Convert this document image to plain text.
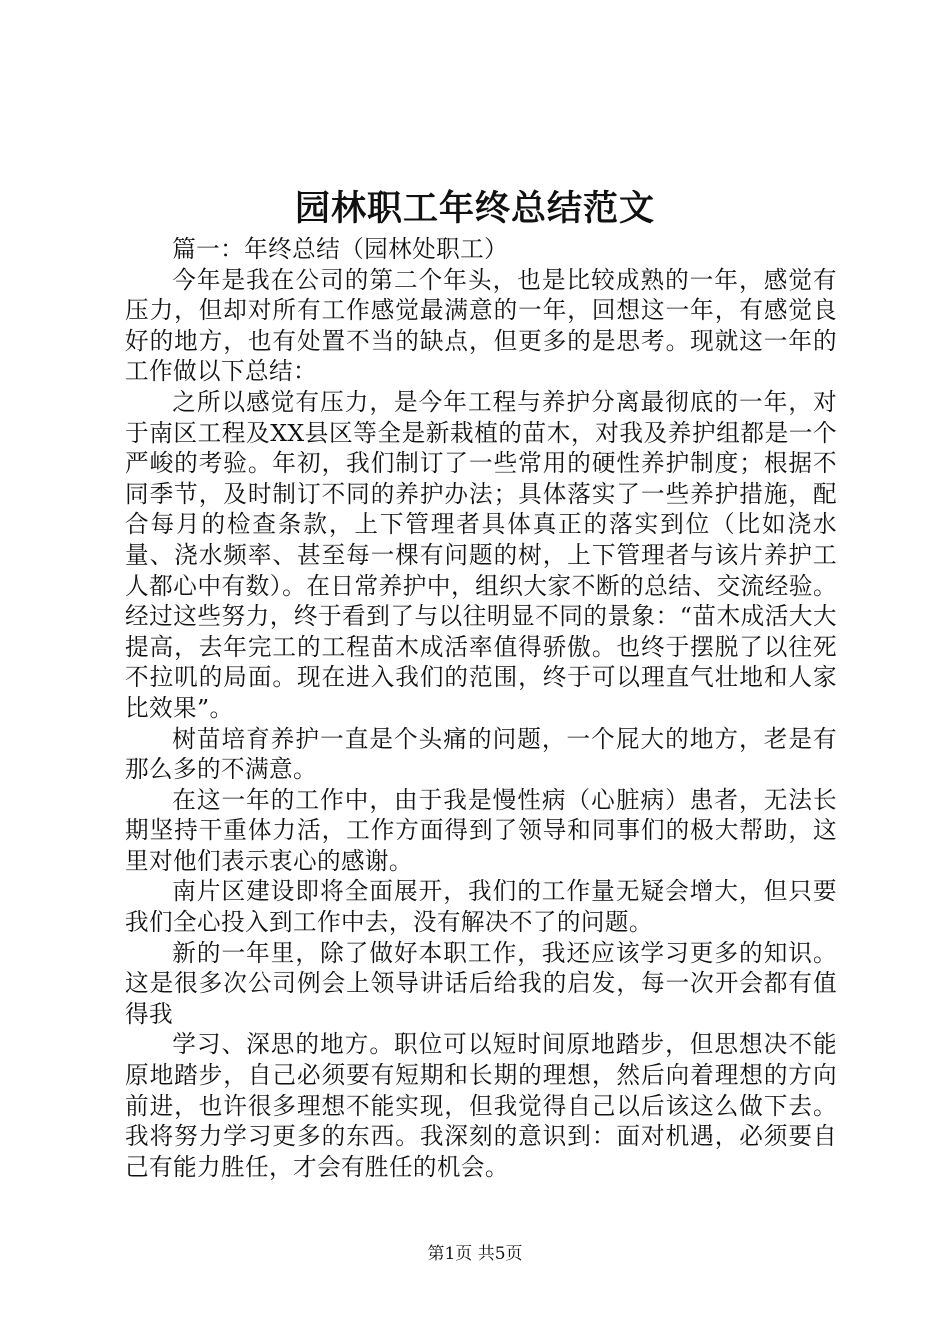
园林职工年终总结范文

篇一：年终总结（园林处职工）

今年是我在公司的第二个年头，也是比较成熟的一年，感觉有压力，但却对所有工作感觉最满意的一年，回想这一年，有感觉良好的地方，也有处置不当的缺点，但更多的是思考。现就这一年的工作做以下总结：

之所以感觉有压力，是今年工程与养护分离最彻底的一年，对于南区工程及XX县区等全是新栽植的苗木，对我及养护组都是一个严峻的考验。年初，我们制订了一些常用的硬性养护制度；根据不同季节，及时制订不同的养护办法；具体落实了一些养护措施，配合每月的检查条款，上下管理者具体真正的落实到位（比如浇水量、浇水频率、甚至每一棵有问题的树，上下管理者与该片养护工人都心中有数）。在日常养护中，组织大家不断的总结、交流经验。经过这些努力，终于看到了与以往明显不同的景象：“苗木成活大大提高，去年完工的工程苗木成活率值得骄傲。也终于摆脱了以往死不拉叽的局面。现在进入我们的范围，终于可以理直气壮地和人家比效果”。

树苗培育养护一直是个头痛的问题，一个屁大的地方，老是有那么多的不满意。

在这一年的工作中，由于我是慢性病（心脏病）患者，无法长期坚持干重体力活，工作方面得到了领导和同事们的极大帮助，这里对他们表示衷心的感谢。

南片区建设即将全面展开，我们的工作量无疑会增大，但只要我们全心投入到工作中去，没有解决不了的问题。

新的一年里，除了做好本职工作，我还应该学习更多的知识。这是很多次公司例会上领导讲话后给我的启发，每一次开会都有值得我

学习、深思的地方。职位可以短时间原地踏步，但思想决不能原地踏步，自己必须要有短期和长期的理想，然后向着理想的方向前进，也许很多理想不能实现，但我觉得自己以后该这么做下去。我将努力学习更多的东西。我深刻的意识到：面对机遇，必须要自己有能力胜任，才会有胜任的机会。

第1页 共5页
